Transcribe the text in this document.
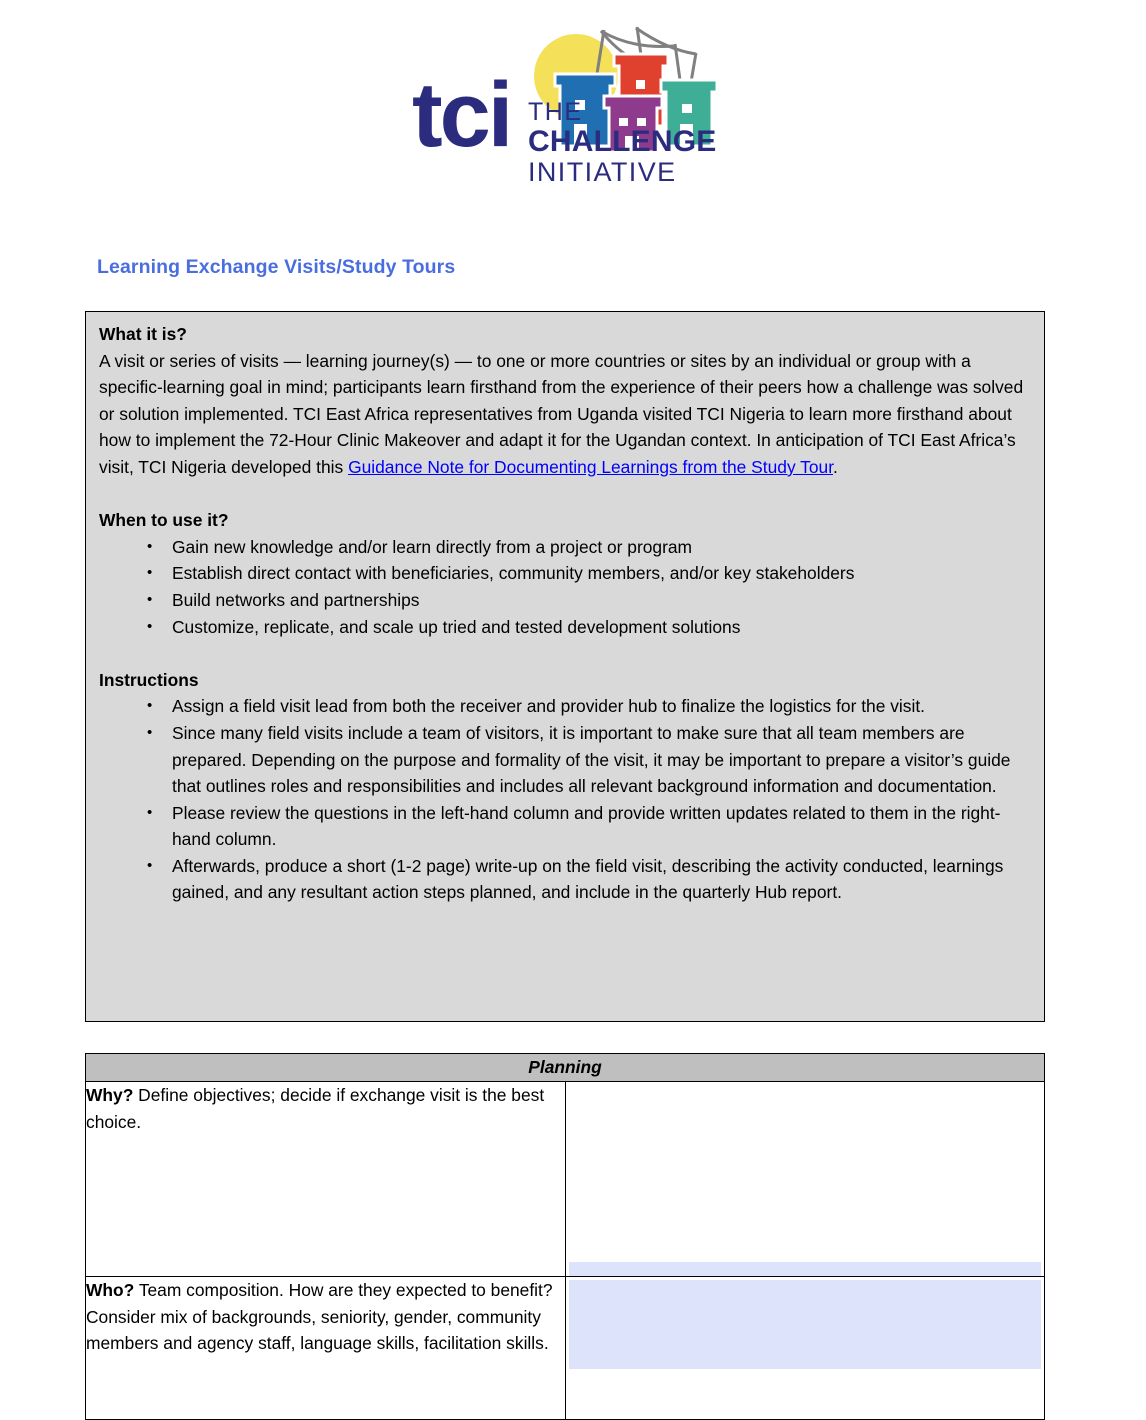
tci THE
CHALLENGE
INITIATIVE
Learning Exchange Visits/Study Tours
What it is?

A visit or series of visits — learning journey(s) — to one or more countries or sites by an individual or group with a specific-learning goal in mind; participants learn firsthand from the experience of their peers how a challenge was solved or solution implemented. TCI East Africa representatives from Uganda visited TCI Nigeria to learn more firsthand about how to implement the 72-Hour Clinic Makeover and adapt it for the Ugandan context. In anticipation of TCI East Africa’s visit, TCI Nigeria developed this Guidance Note for Documenting Learnings from the Study Tour.

When to use it?
• Gain new knowledge and/or learn directly from a project or program
• Establish direct contact with beneficiaries, community members, and/or key stakeholders
• Build networks and partnerships
• Customize, replicate, and scale up tried and tested development solutions
Instructions
• Assign a field visit lead from both the receiver and provider hub to finalize the logistics for the visit.
• Since many field visits include a team of visitors, it is important to make sure that all team members are prepared. Depending on the purpose and formality of the visit, it may be important to prepare a visitor’s guide that outlines roles and responsibilities and includes all relevant background information and documentation.
• Please review the questions in the left-hand column and provide written updates related to them in the right-hand column.
• Afterwards, produce a short (1-2 page) write-up on the field visit, describing the activity conducted, learnings gained, and any resultant action steps planned, and include in the quarterly Hub report.
Planning	
Why? Define objectives; decide if exchange visit is the best choice.	

Who? Team composition. How are they expected to benefit? Consider mix of backgrounds, seniority, gender, community members and agency staff, language skills, facilitation skills.	
